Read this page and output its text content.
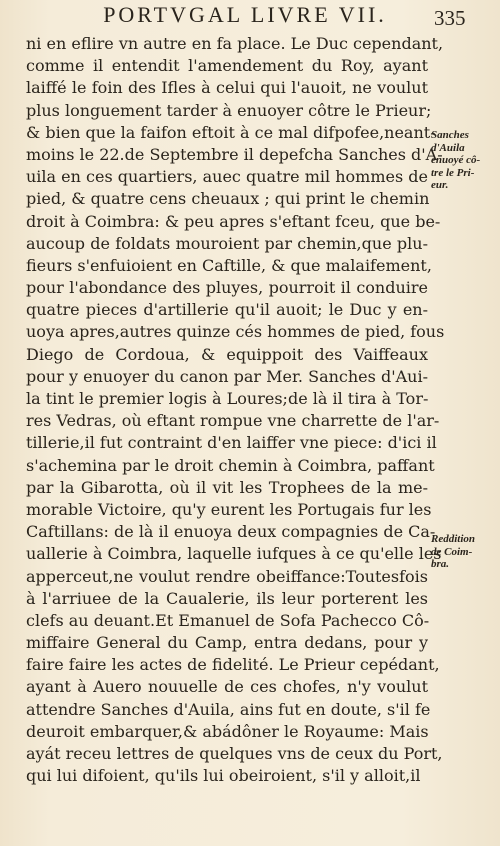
PORTVGAL LIVRE VII.	335
ni en eflire vn autre en fa place. Le Duc cependant,
comme il entendit l'amendement du Roy, ayant
laiffé le foin des Ifles à celui qui l'auoit, ne voulut
plus longuement tarder à enuoyer côtre le Prieur;
& bien que la faifon eftoit à ce mal difpofee,neant-
moins le 22.de Septembre il depefcha Sanches d'A-
uila en ces quartiers, auec quatre mil hommes de
pied, & quatre cens cheuaux ; qui print le chemin
droit à Coimbra: & peu apres s'eftant fceu, que be-
aucoup de foldats mouroient par chemin,que plu-
fieurs s'enfuioient en Caftille, & que malaifement,
pour l'abondance des pluyes, pourroit il conduire
quatre pieces d'artillerie qu'il auoit; le Duc y en-
uoya apres,autres quinze cés hommes de pied, fous
Diego de Cordoua, & equippoit des Vaiffeaux
pour y enuoyer du canon par Mer. Sanches d'Aui-
la tint le premier logis à Loures;de là il tira à Tor-
res Vedras, où eftant rompue vne charrette de l'ar-
tillerie,il fut contraint d'en laiffer vne piece: d'ici il
s'achemina par le droit chemin à Coimbra, paffant
par la Gibarotta, où il vit les Trophees de la me-
morable Victoire, qu'y eurent les Portugais fur les
Caftillans: de là il enuoya deux compagnies de Ca-
uallerie à Coimbra, laquelle iufques à ce qu'elle les
apperceut,ne voulut rendre obeiffance:Toutesfois
à l'arriuee de la Caualerie, ils leur porterent les
clefs au deuant.Et Emanuel de Sofa Pachecco Cô-
miffaire General du Camp, entra dedans, pour y
faire faire les actes de fidelité. Le Prieur cepédant,
ayant à Auero nouuelle de ces chofes, n'y voulut
attendre Sanches d'Auila, ains fut en doute, s'il fe
deuroit embarquer,& abádôner le Royaume: Mais
ayát receu lettres de quelques vns de ceux du Port,
qui lui difoient, qu'ils lui obeiroient, s'il y alloit,il
Sanches
d'Auila
enuoyé cô-
tre le Pri-
eur.
Reddition
de Coim-
bra.
